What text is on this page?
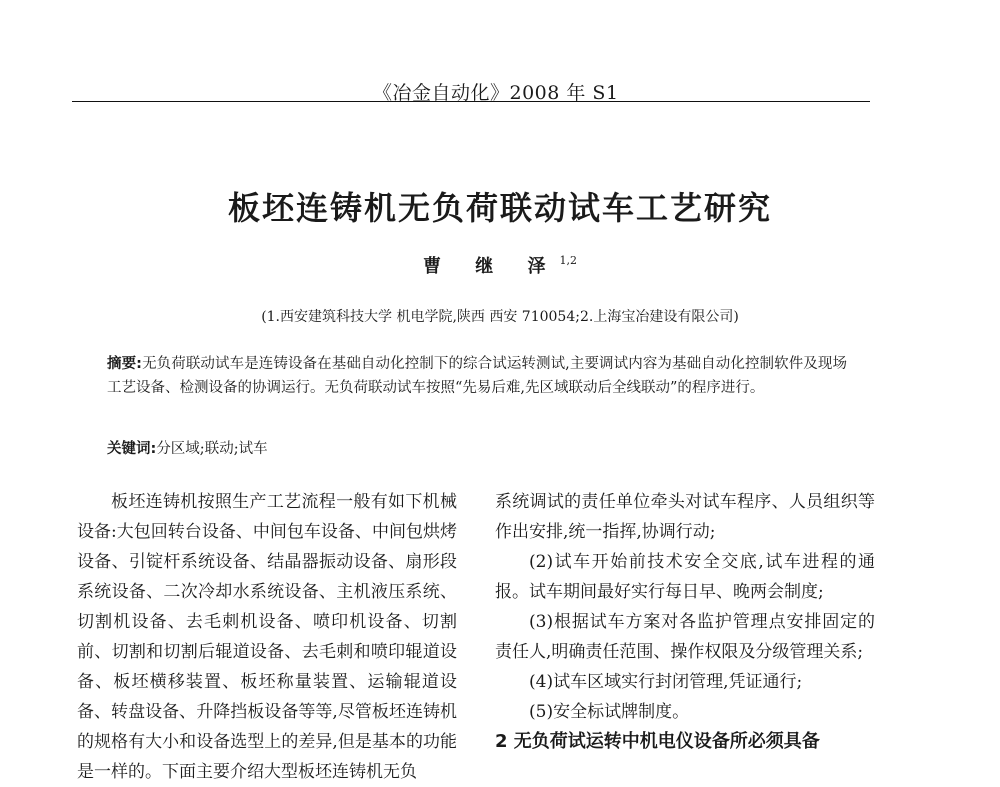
《冶金自动化》2008 年 S1
板坯连铸机无负荷联动试车工艺研究
曹 继 泽$^{1,2}$
(1.西安建筑科技大学 机电学院,陕西 西安 710054;2.上海宝冶建设有限公司)
摘要:无负荷联动试车是连铸设备在基础自动化控制下的综合试运转测试,主要调试内容为基础自动化控制软件及现场工艺设备、检测设备的协调运行。无负荷联动试车按照“先易后难,先区域联动后全线联动”的程序进行。
关键词:分区域;联动;试车

板坯连铸机按照生产工艺流程一般有如下机械设备:大包回转台设备、中间包车设备、中间包烘烤设备、引锭杆系统设备、结晶器振动设备、扇形段系统设备、二次冷却水系统设备、主机液压系统、切割机设备、去毛刺机设备、喷印机设备、切割前、切割和切割后辊道设备、去毛刺和喷印辊道设备、板坯横移装置、板坯称量装置、运输辊道设备、转盘设备、升降挡板设备等等,尽管板坯连铸机的规格有大小和设备选型上的差异,但是基本的功能是一样的。下面主要介绍大型板坯连铸机无负

系统调试的责任单位牵头对试车程序、人员组织等作出安排,统一指挥,协调行动;

(2)试车开始前技术安全交底,试车进程的通报。试车期间最好实行每日早、晚两会制度;

(3)根据试车方案对各监护管理点安排固定的责任人,明确责任范围、操作权限及分级管理关系;

(4)试车区域实行封闭管理,凭证通行;

(5)安全标试牌制度。

2 无负荷试运转中机电仪设备所必须具备
